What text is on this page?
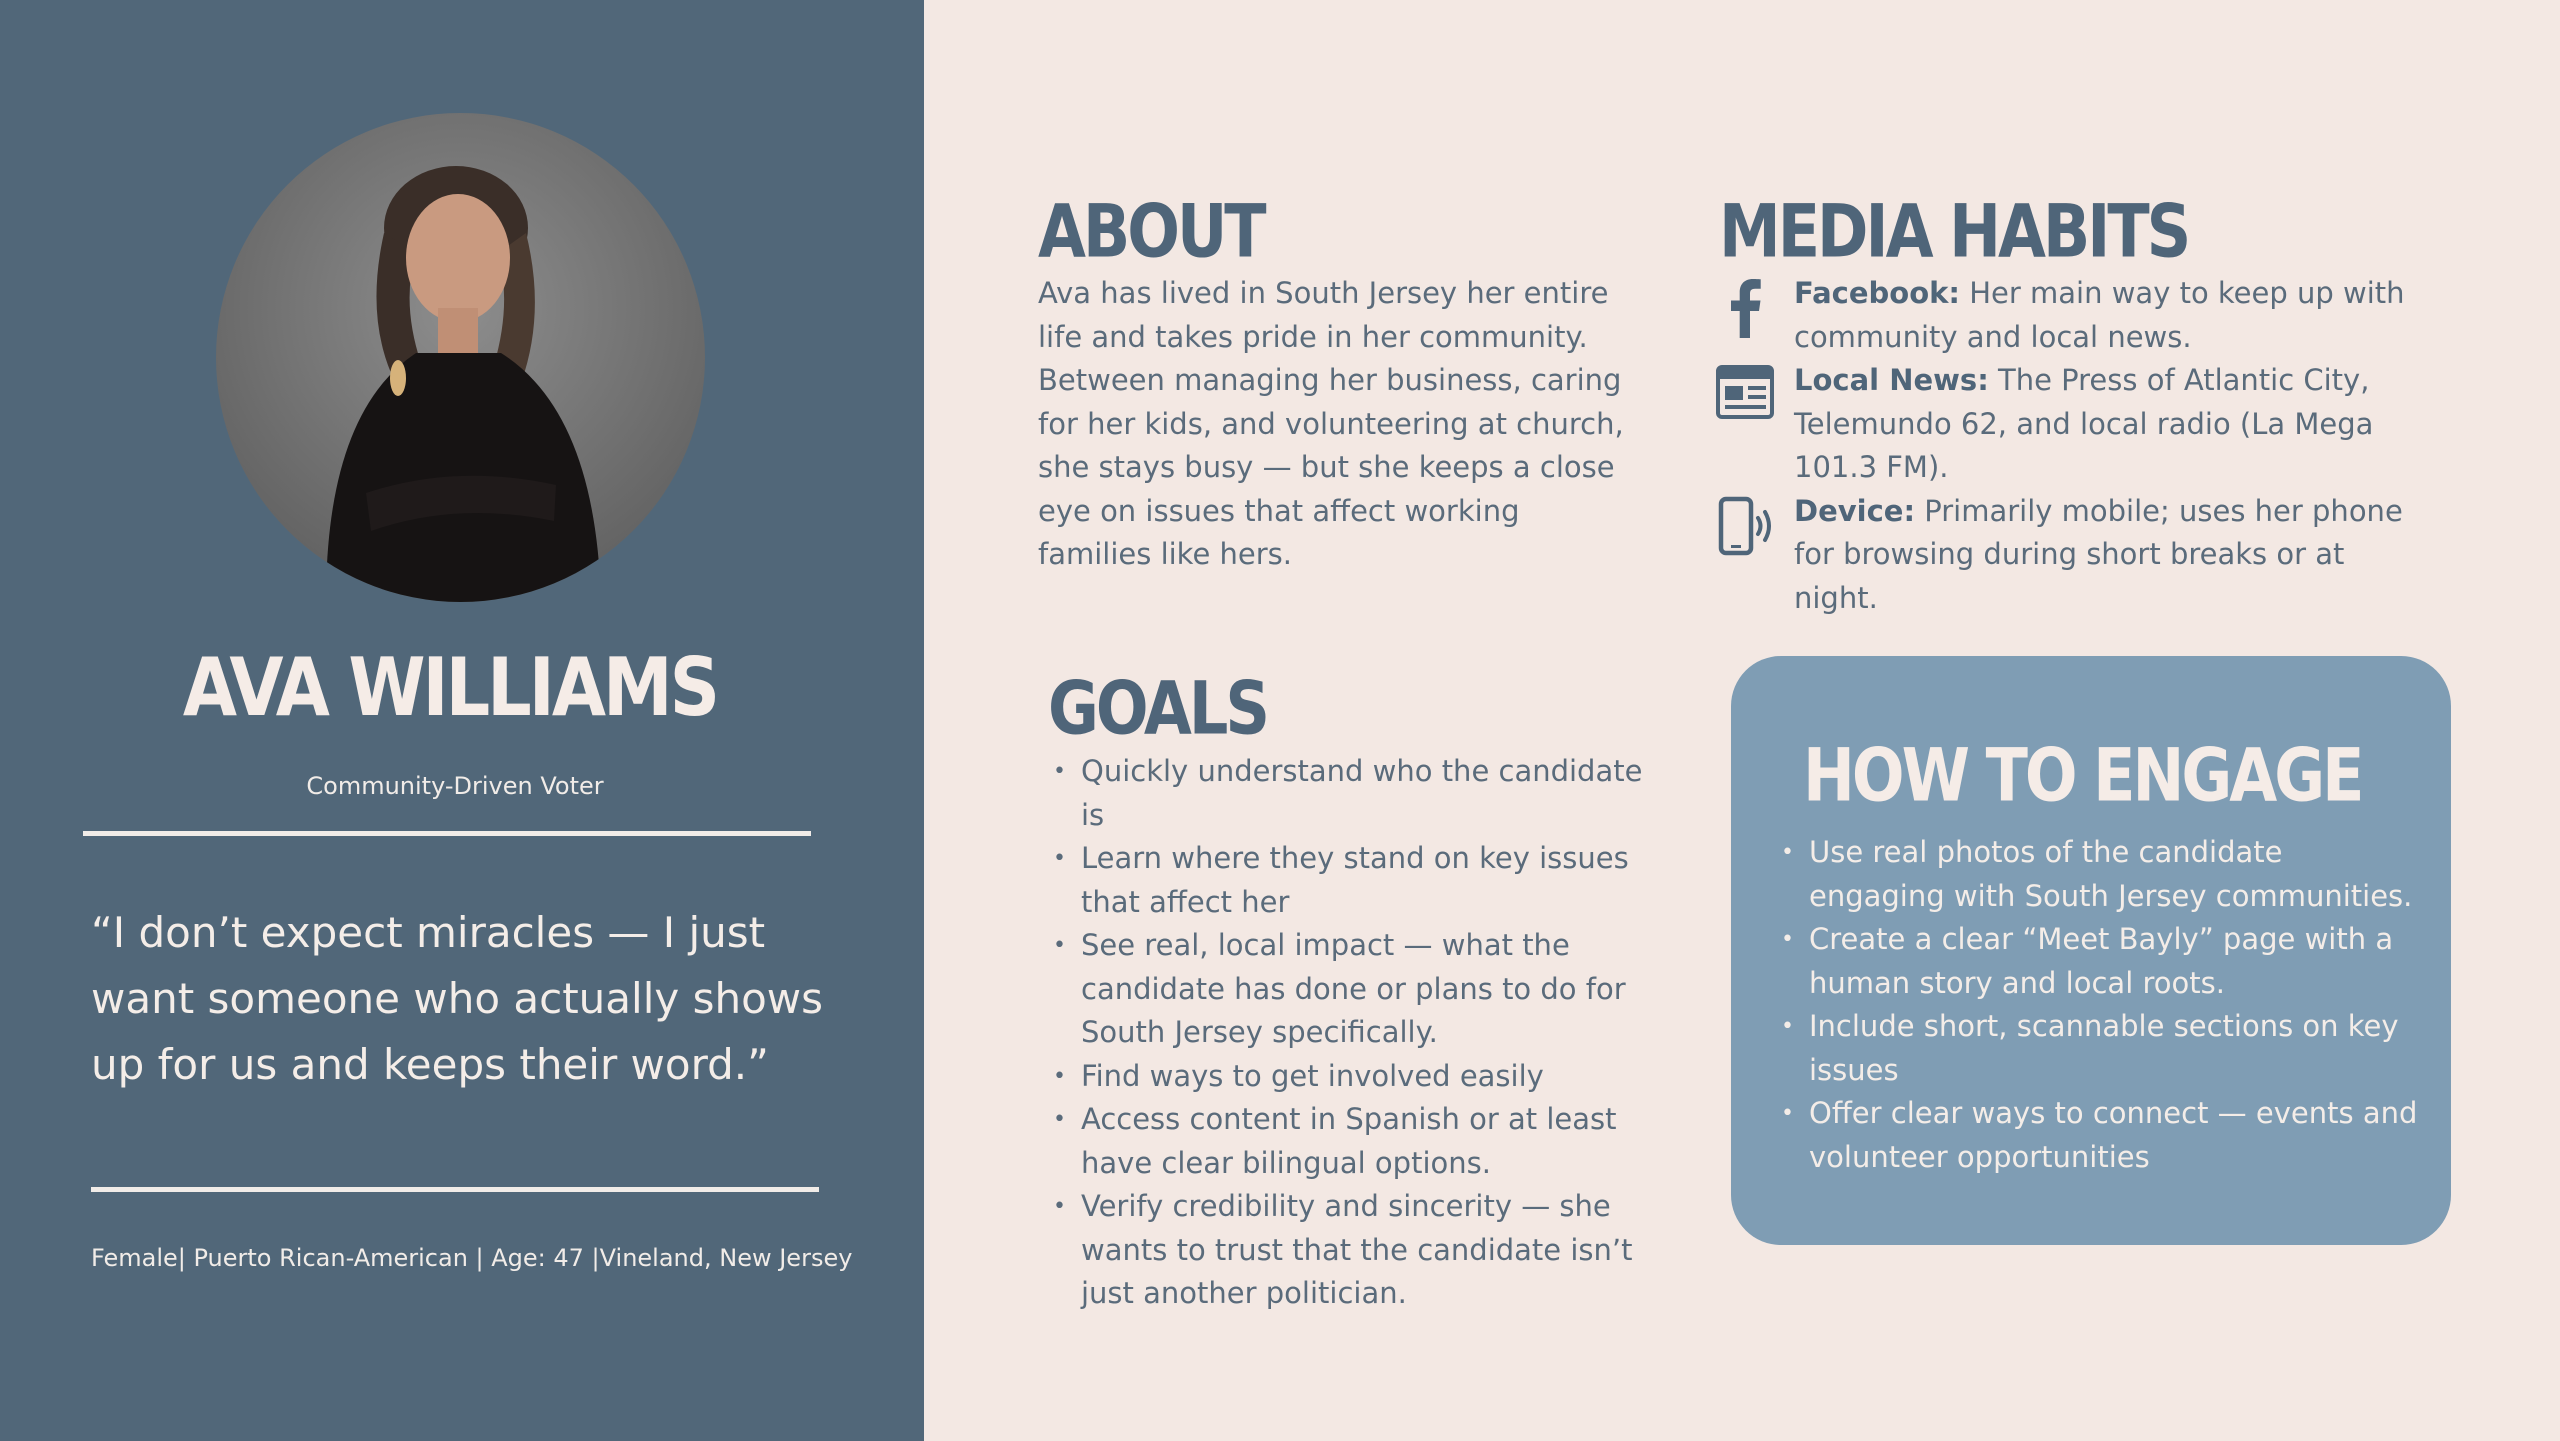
AVA WILLIAMS
Community-Driven Voter
“I don’t expect miracles — I just want someone who actually shows up for us and keeps their word.”
Female| Puerto Rican-American | Age: 47 |Vineland, New Jersey
ABOUT
Ava has lived in South Jersey her entire life and takes pride in her community. Between managing her business, caring for her kids, and volunteering at church, she stays busy — but she keeps a close eye on issues that affect working families like hers.
MEDIA HABITS
Facebook: Her main way to keep up with community and local news.
Local News: The Press of Atlantic City, Telemundo 62, and local radio (La Mega 101.3 FM).
Device: Primarily mobile; uses her phone for browsing during short breaks or at night.
GOALS
• Quickly understand who the candidate is
• Learn where they stand on key issues that affect her
• See real, local impact — what the candidate has done or plans to do for South Jersey specifically.
• Find ways to get involved easily
• Access content in Spanish or at least have clear bilingual options.
• Verify credibility and sincerity — she wants to trust that the candidate isn’t just another politician.
HOW TO ENGAGE
• Use real photos of the candidate engaging with South Jersey communities.
• Create a clear “Meet Bayly” page with a human story and local roots.
• Include short, scannable sections on key issues
• Offer clear ways to connect — events and volunteer opportunities
